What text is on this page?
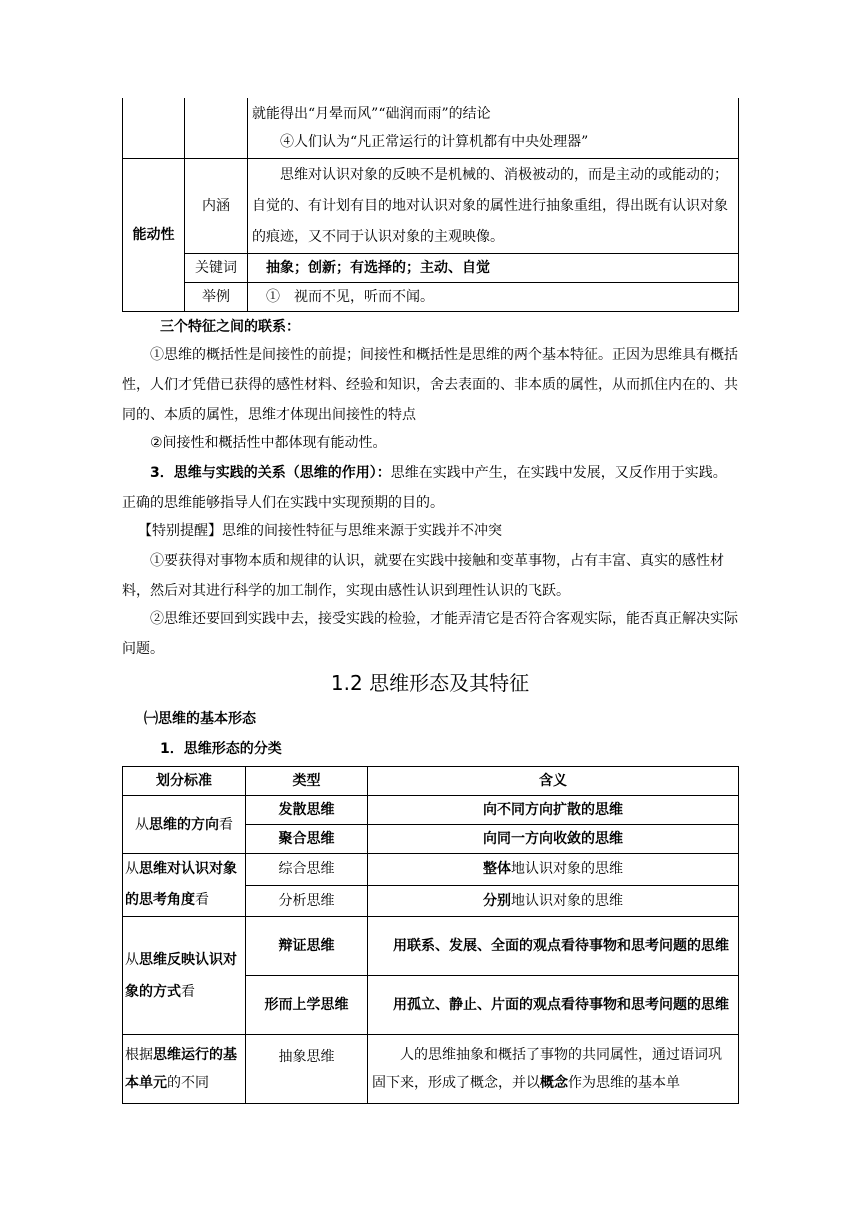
		就能得出“月晕而风”“础润而雨”的结论

④人们认为“凡正常运行的计算机都有中央处理器”

能动性	内涵	思维对认识对象的反映不是机械的、消极被动的，而是主动的或能动的；自觉的、有计划有目的地对认识对象的属性进行抽象重组，得出既有认识对象的痕迹，又不同于认识对象的主观映像。
	关键词	抽象；创新；有选择的；主动、自觉
	举例	①　视而不见，听而不闻。

三个特征之间的联系：

①思维的概括性是间接性的前提；间接性和概括性是思维的两个基本特征。正因为思维具有概括性，人们才凭借已获得的感性材料、经验和知识，舍去表面的、非本质的属性，从而抓住内在的、共同的、本质的属性，思维才体现出间接性的特点

②间接性和概括性中都体现有能动性。

3．思维与实践的关系（思维的作用）：思维在实践中产生，在实践中发展，又反作用于实践。正确的思维能够指导人们在实践中实现预期的目的。

【特别提醒】思维的间接性特征与思维来源于实践并不冲突

①要获得对事物本质和规律的认识，就要在实践中接触和变革事物，占有丰富、真实的感性材料，然后对其进行科学的加工制作，实现由感性认识到理性认识的飞跃。

②思维还要回到实践中去，接受实践的检验，才能弄清它是否符合客观实际，能否真正解决实际问题。

1.2 思维形态及其特征

㈠思维的基本形态

1．思维形态的分类

划分标准	类型	含义
从思维的方向看	发散思维	向不同方向扩散的思维
	聚合思维	向同一方向收敛的思维
从思维对认识对象的思考角度看	综合思维	整体地认识对象的思维
	分析思维	分别地认识对象的思维
从思维反映认识对象的方式看	辩证思维	用联系、发展、全面的观点看待事物和思考问题的思维
	形而上学思维	用孤立、静止、片面的观点看待事物和思考问题的思维
根据思维运行的基本单元的不同	抽象思维	人的思维抽象和概括了事物的共同属性，通过语词巩固下来，形成了概念，并以概念作为思维的基本单
